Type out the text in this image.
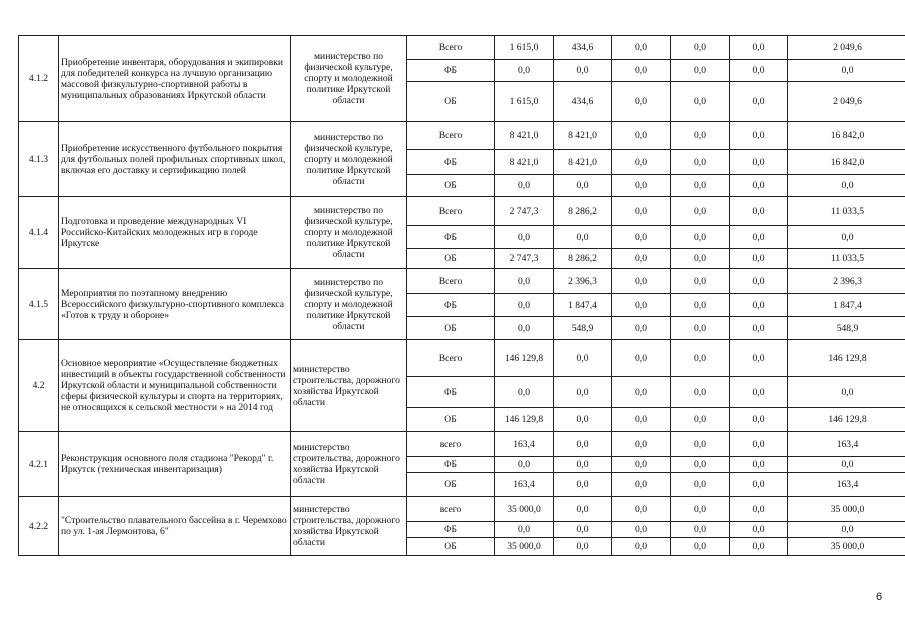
4.1.2	Приобретение инвентаря, оборудования и экипировки для победителей конкурса на лучшую организацию массовой физкультурно-спортивной работы в муниципальных образованиях Иркутской области	министерство по физической культуре, спорту и молодежной политике Иркутской области	Всего	1 615,0	434,6	0,0	0,0	0,0	2 049,6
			ФБ	0,0	0,0	0,0	0,0	0,0	0,0
			ОБ	1 615,0	434,6	0,0	0,0	0,0	2 049,6
4.1.3	Приобретение искусственного футбольного покрытия для футбольных полей профильных спортивных школ, включая его доставку и сертификацию полей	министерство по физической культуре, спорту и молодежной политике Иркутской области	Всего	8 421,0	8 421,0	0,0	0,0	0,0	16 842,0
			ФБ	8 421,0	8 421,0	0,0	0,0	0,0	16 842,0
			ОБ	0,0	0,0	0,0	0,0	0,0	0,0
4.1.4	Подготовка и проведение международных VI Российско-Китайских молодежных игр в городе Иркутске	министерство по физической культуре, спорту и молодежной политике Иркутской области	Всего	2 747,3	8 286,2	0,0	0,0	0,0	11 033,5
			ФБ	0,0	0,0	0,0	0,0	0,0	0,0
			ОБ	2 747,3	8 286,2	0,0	0,0	0,0	11 033,5
4.1.5	Мероприятия по поэтапному внедрению Всероссийского физкультурно-спортивного комплекса «Готов к труду и обороне»	министерство по физической культуре, спорту и молодежной политике Иркутской области	Всего	0,0	2 396,3	0,0	0,0	0,0	2 396,3
			ФБ	0,0	1 847,4	0,0	0,0	0,0	1 847,4
			ОБ	0,0	548,9	0,0	0,0	0,0	548,9
4.2	Основное мероприятие «Осуществление бюджетных инвестиций в объекты государственной собственности Иркутской области и муниципальной собственности сферы физической культуры и спорта на территориях, не относящихся к сельской местности » на 2014 год	министерство строительства, дорожного хозяйства Иркутской области	Всего	146 129,8	0,0	0,0	0,0	0,0	146 129,8
			ФБ	0,0	0,0	0,0	0,0	0,0	0,0
			ОБ	146 129,8	0,0	0,0	0,0	0,0	146 129,8
4.2.1	Реконструкция основного поля стадиона "Рекорд" г. Иркутск (техническая инвентаризация)	министерство строительства, дорожного хозяйства Иркутской области	всего	163,4	0,0	0,0	0,0	0,0	163,4
			ФБ	0,0	0,0	0,0	0,0	0,0	0,0
			ОБ	163,4	0,0	0,0	0,0	0,0	163,4
4.2.2	"Строительство плавательного бассейна в г. Черемхово по ул. 1-ая Лермонтова, 6"	министерство строительства, дорожного хозяйства Иркутской области	всего	35 000,0	0,0	0,0	0,0	0,0	35 000,0
			ФБ	0,0	0,0	0,0	0,0	0,0	0,0
			ОБ	35 000,0	0,0	0,0	0,0	0,0	35 000,0
6
